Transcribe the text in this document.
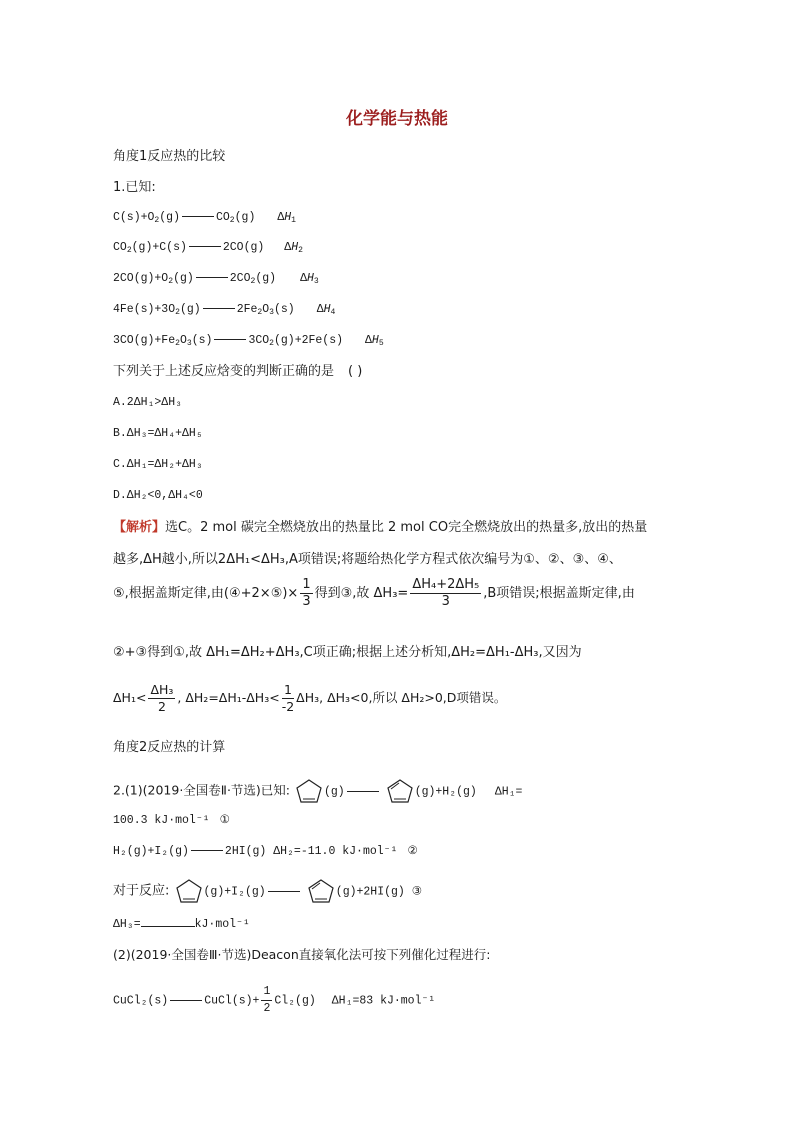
化学能与热能
角度1反应热的比较
1.已知:
$C(s)+O_2(g)$	$CO_2(g)$ $\Delta H_1$
$CO_2(g)+C(s)$	2CO(g) $\Delta H_2$
$2CO(g)+O_2(g)$	$2CO_2(g)$ $\Delta H_3$
$4Fe(s)+3O_2(g)$	$2Fe_2O_3(s)$ $\Delta H_4$
$3CO(g)+Fe_2O_3(s)$	$3CO_2(g)+2Fe(s)$ $\Delta H_5$
下列关于上述反应焓变的判断正确的是 ( )
A.2ΔH₁>ΔH₃
B.ΔH₃=ΔH₄+ΔH₅
C.ΔH₁=ΔH₂+ΔH₃
D.ΔH₂<0,ΔH₄<0
【解析】选C。2 mol 碳完全燃烧放出的热量比 2 mol CO完全燃烧放出的热量多,放出的热量
越多,ΔH越小,所以2ΔH₁<ΔH₃,A项错误;将题给热化学方程式依次编号为①、②、③、④、
⑤,根据盖斯定律,由(④+2×⑤)× $\frac{1}{3}$ 得到③,故 $\Delta H_3= \frac{\text{ΔH₄+2ΔH₅}}{3} ,B$项错误;根据盖斯定律,由
②+③得到①,故 ΔH₁=ΔH₂+ΔH₃,C项正确;根据上述分析知,ΔH₂=ΔH₁-ΔH₃,又因为
$\Delta H_1< \frac{\text{ΔH₃}}{2}$ , $\Delta H_2=\Delta H_1-\Delta H_3< \frac{1}{-2} \Delta H_3$, ΔH₃<0,所以 ΔH₂>0,D项错误。
角度2反应热的计算
2.(1)(2019·全国卷Ⅱ·节选)已知:	(g)	(g)+H₂(g) ΔH₁=
100.3 kJ·mol⁻¹ ①
H₂(g)+I₂(g)	2HI(g) ΔH₂=-11.0 kJ·mol⁻¹ ②
对于反应:	(g)+I₂(g)	(g)+2HI(g) ③
ΔH₃=	kJ·mol⁻¹
(2)(2019·全国卷Ⅲ·节选)Deacon直接氧化法可按下列催化过程进行:
CuCl₂(s)	CuCl(s)+ $\frac{1}{2} Cl_2(g)$ ΔH₁=83 kJ·mol⁻¹
